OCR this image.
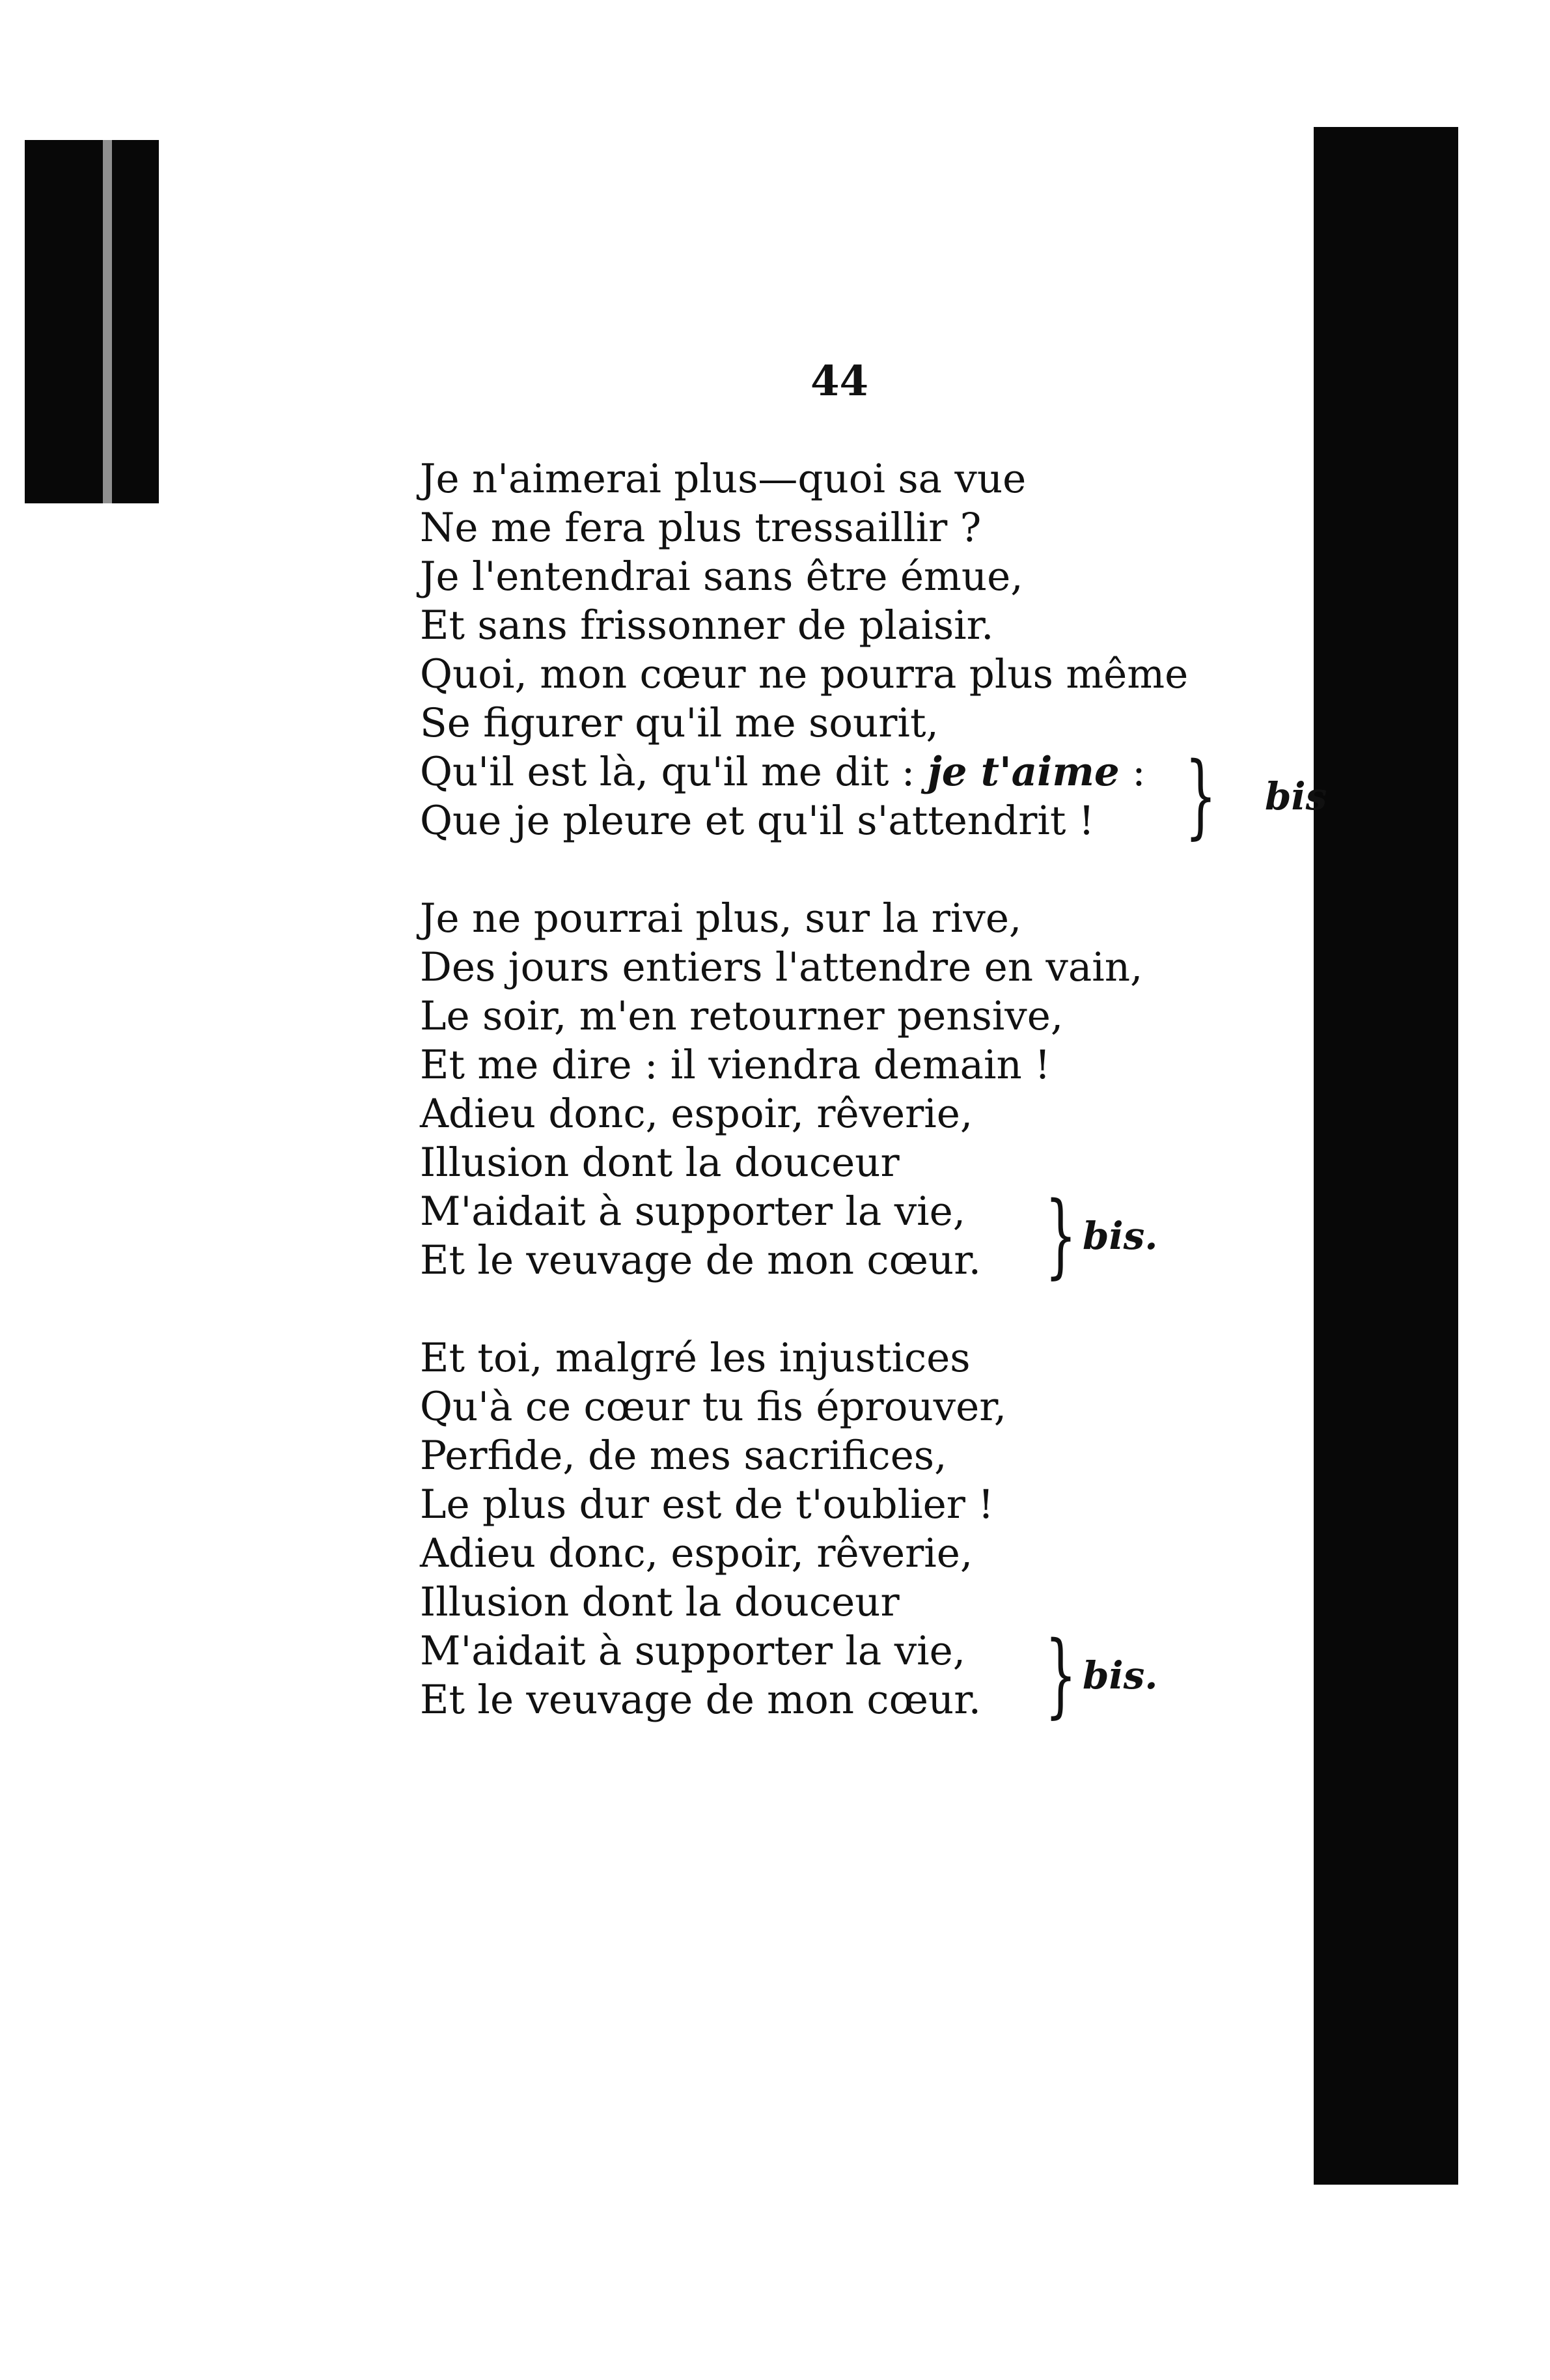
44
Je n'aimerai plus—quoi sa vue
Ne me fera plus tressaillir ?
Je l'entendrai sans être émue,
Et sans frissonner de plaisir.
Quoi, mon cœur ne pourra plus même
Se figurer qu'il me sourit,
Qu'il est là, qu'il me dit : je t'aime :
Que je pleure et qu'il s'attendrit ! } bis
Je ne pourrai plus, sur la rive,
Des jours entiers l'attendre en vain,
Le soir, m'en retourner pensive,
Et me dire : il viendra demain !
Adieu donc, espoir, rêverie,
Illusion dont la douceur
M'aidait à supporter la vie,
Et le veuvage de mon cœur. } bis.
Et toi, malgré les injustices
Qu'à ce cœur tu fis éprouver,
Perfide, de mes sacrifices,
Le plus dur est de t'oublier !
Adieu donc, espoir, rêverie,
Illusion dont la douceur
M'aidait à supporter la vie,
Et le veuvage de mon cœur. } bis.
